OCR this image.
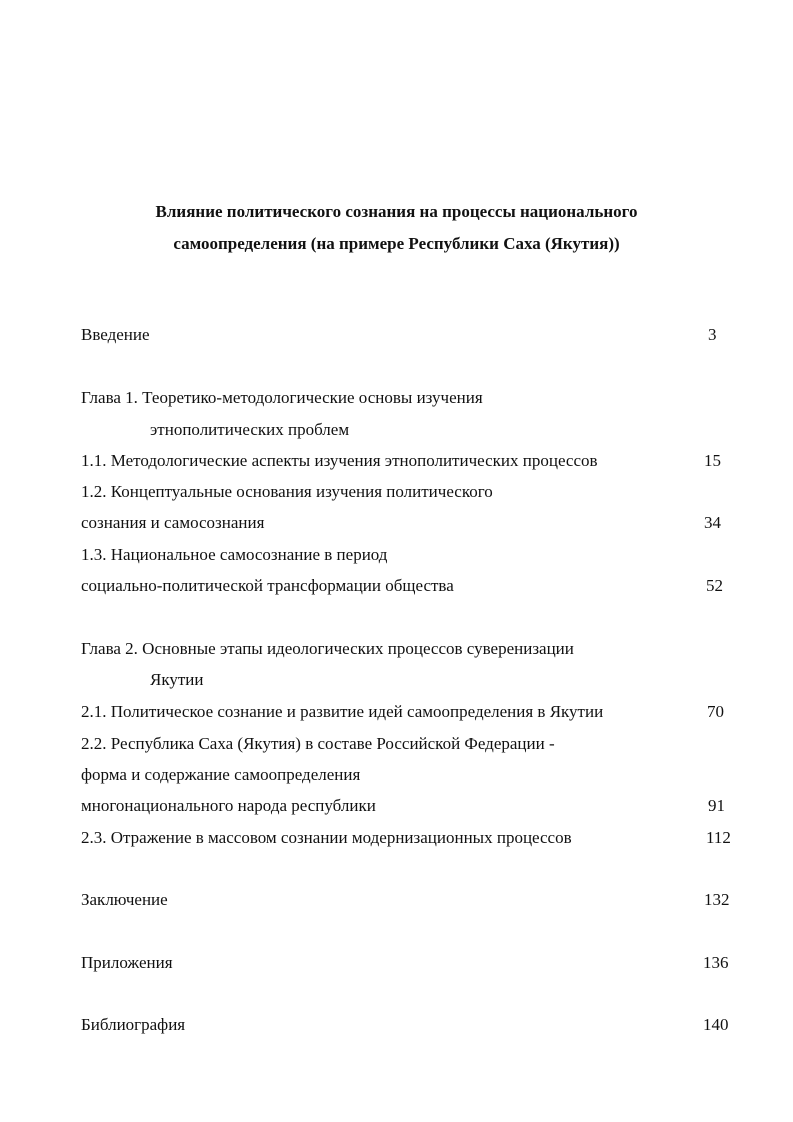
Влияние политического сознания на процессы национального
самоопределения (на примере Республики Саха (Якутия))
Введение	3
Глава 1. Теоретико-методологические основы изучения
этнополитических проблем
1.1. Методологические аспекты изучения этнополитических процессов	15
1.2. Концептуальные основания изучения политического
сознания и самосознания	34
1.3. Национальное самосознание в период
социально-политической трансформации общества	52
Глава 2. Основные этапы идеологических процессов суверенизации
Якутии
2.1. Политическое сознание и развитие идей самоопределения в Якутии	70
2.2. Республика Саха (Якутия) в составе Российской Федерации -
форма и содержание самоопределения
многонационального народа республики	91
2.3. Отражение в массовом сознании модернизационных процессов	112
Заключение	132
Приложения	136
Библиография	140
